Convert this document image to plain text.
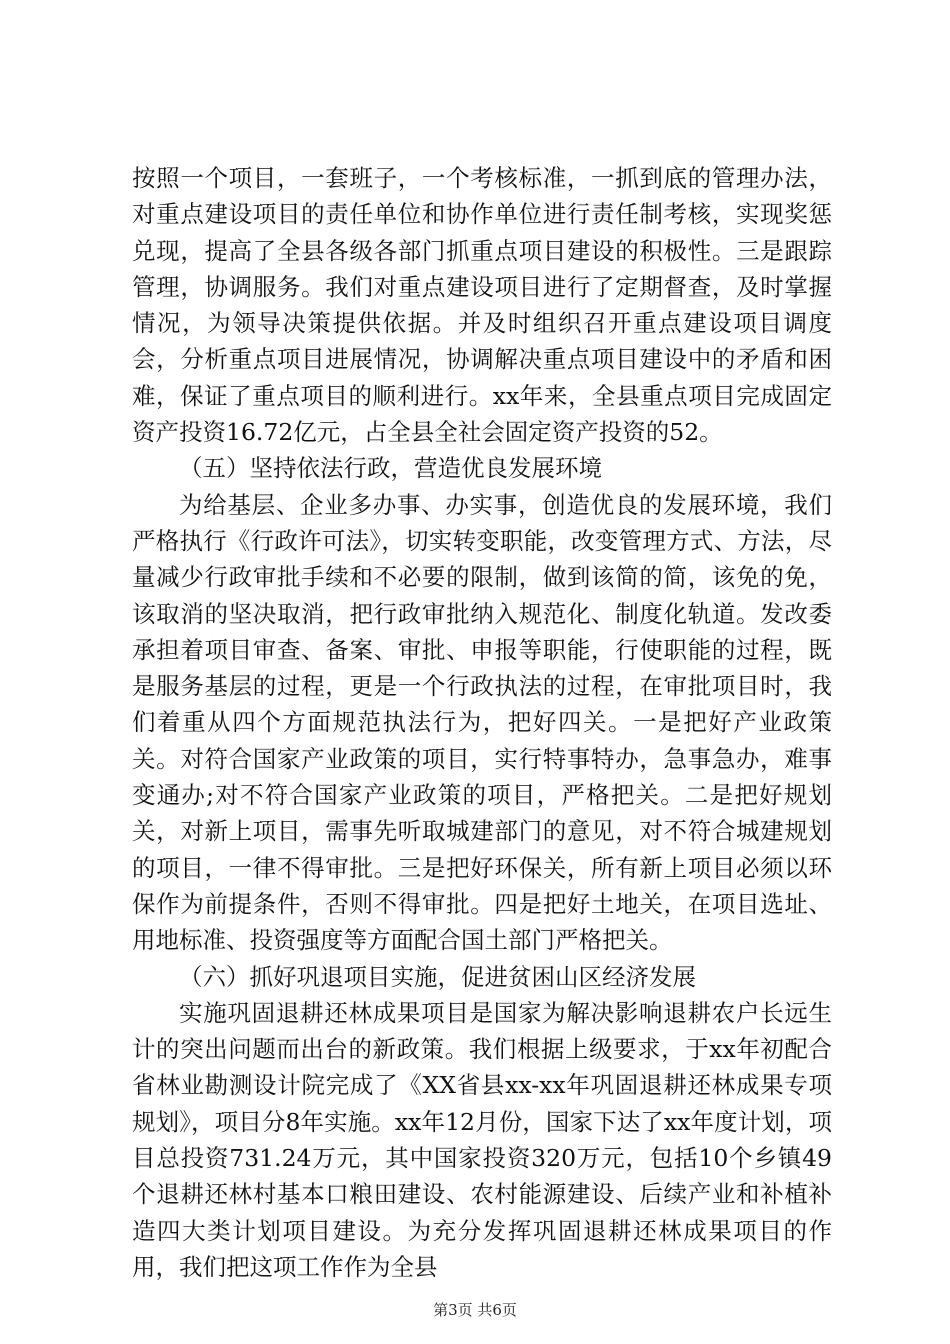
按照一个项目，一套班子，一个考核标准，一抓到底的管理办法，对重点建设项目的责任单位和协作单位进行责任制考核，实现奖惩兑现，提高了全县各级各部门抓重点项目建设的积极性。三是跟踪管理，协调服务。我们对重点建设项目进行了定期督查，及时掌握情况，为领导决策提供依据。并及时组织召开重点建设项目调度会，分析重点项目进展情况，协调解决重点项目建设中的矛盾和困难，保证了重点项目的顺利进行。xx年来，全县重点项目完成固定资产投资16.72亿元，占全县全社会固定资产投资的52。

（五）坚持依法行政，营造优良发展环境

为给基层、企业多办事、办实事，创造优良的发展环境，我们严格执行《行政许可法》，切实转变职能，改变管理方式、方法，尽量减少行政审批手续和不必要的限制，做到该简的简，该免的免，该取消的坚决取消，把行政审批纳入规范化、制度化轨道。发改委承担着项目审查、备案、审批、申报等职能，行使职能的过程，既是服务基层的过程，更是一个行政执法的过程，在审批项目时，我们着重从四个方面规范执法行为，把好四关。一是把好产业政策关。对符合国家产业政策的项目，实行特事特办，急事急办，难事变通办;对不符合国家产业政策的项目，严格把关。二是把好规划关，对新上项目，需事先听取城建部门的意见，对不符合城建规划的项目，一律不得审批。三是把好环保关，所有新上项目必须以环保作为前提条件，否则不得审批。四是把好土地关，在项目选址、用地标准、投资强度等方面配合国土部门严格把关。

（六）抓好巩退项目实施，促进贫困山区经济发展

实施巩固退耕还林成果项目是国家为解决影响退耕农户长远生计的突出问题而出台的新政策。我们根据上级要求，于xx年初配合省林业勘测设计院完成了《XX省县xx-xx年巩固退耕还林成果专项规划》，项目分8年实施。xx年12月份，国家下达了xx年度计划，项目总投资731.24万元，其中国家投资320万元，包括10个乡镇49个退耕还林村基本口粮田建设、农村能源建设、后续产业和补植补造四大类计划项目建设。为充分发挥巩固退耕还林成果项目的作用，我们把这项工作作为全县

第3页 共6页
